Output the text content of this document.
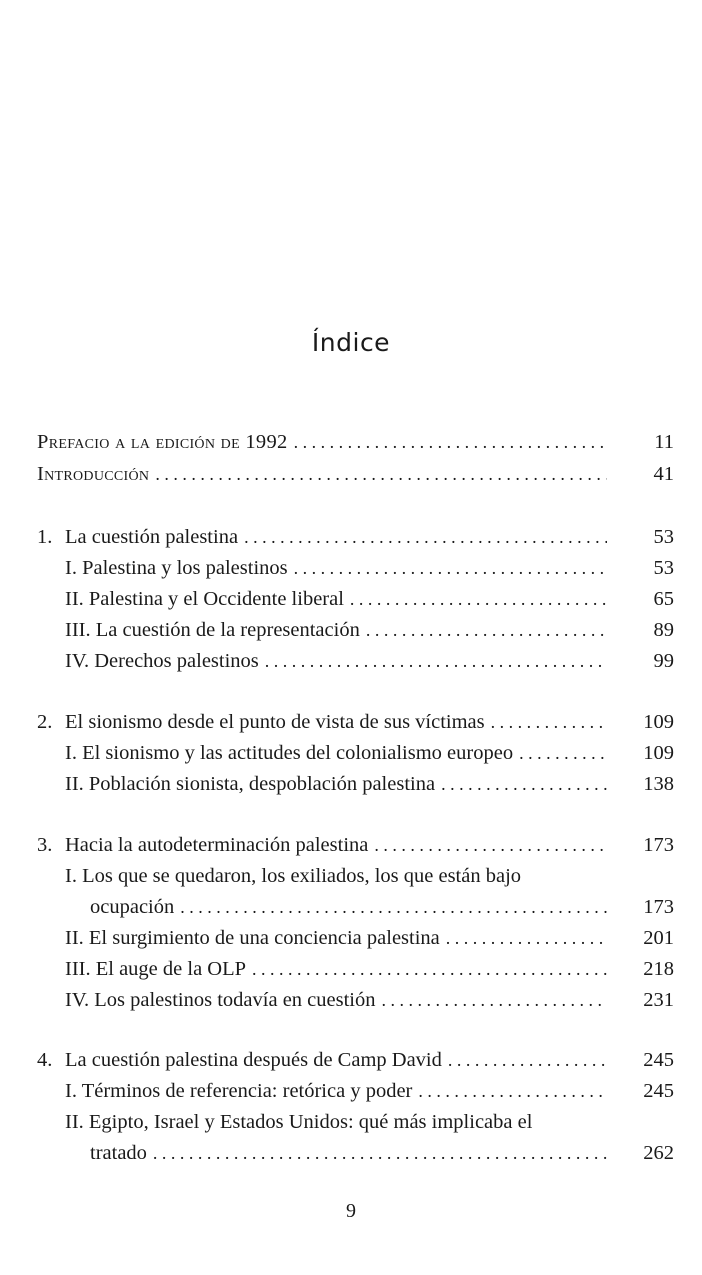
Índice
Prefacio a la edición de 1992 . . .	11
Introducción . . .	41
1. La cuestión palestina . . .	53
I. Palestina y los palestinos . . .	53
II. Palestina y el Occidente liberal . . .	65
III. La cuestión de la representación . . .	89
IV. Derechos palestinos . . .	99
2. El sionismo desde el punto de vista de sus víctimas . . .	109
I. El sionismo y las actitudes del colonialismo europeo . . .	109
II. Población sionista, despoblación palestina . . .	138
3. Hacia la autodeterminación palestina . . .	173
I. Los que se quedaron, los exiliados, los que están bajo
ocupación . . .	173
II. El surgimiento de una conciencia palestina . . .	201
III. El auge de la OLP . . .	218
IV. Los palestinos todavía en cuestión . . .	231
4. La cuestión palestina después de Camp David . . .	245
I. Términos de referencia: retórica y poder . . .	245
II. Egipto, Israel y Estados Unidos: qué más implicaba el
tratado . . .	262
9
